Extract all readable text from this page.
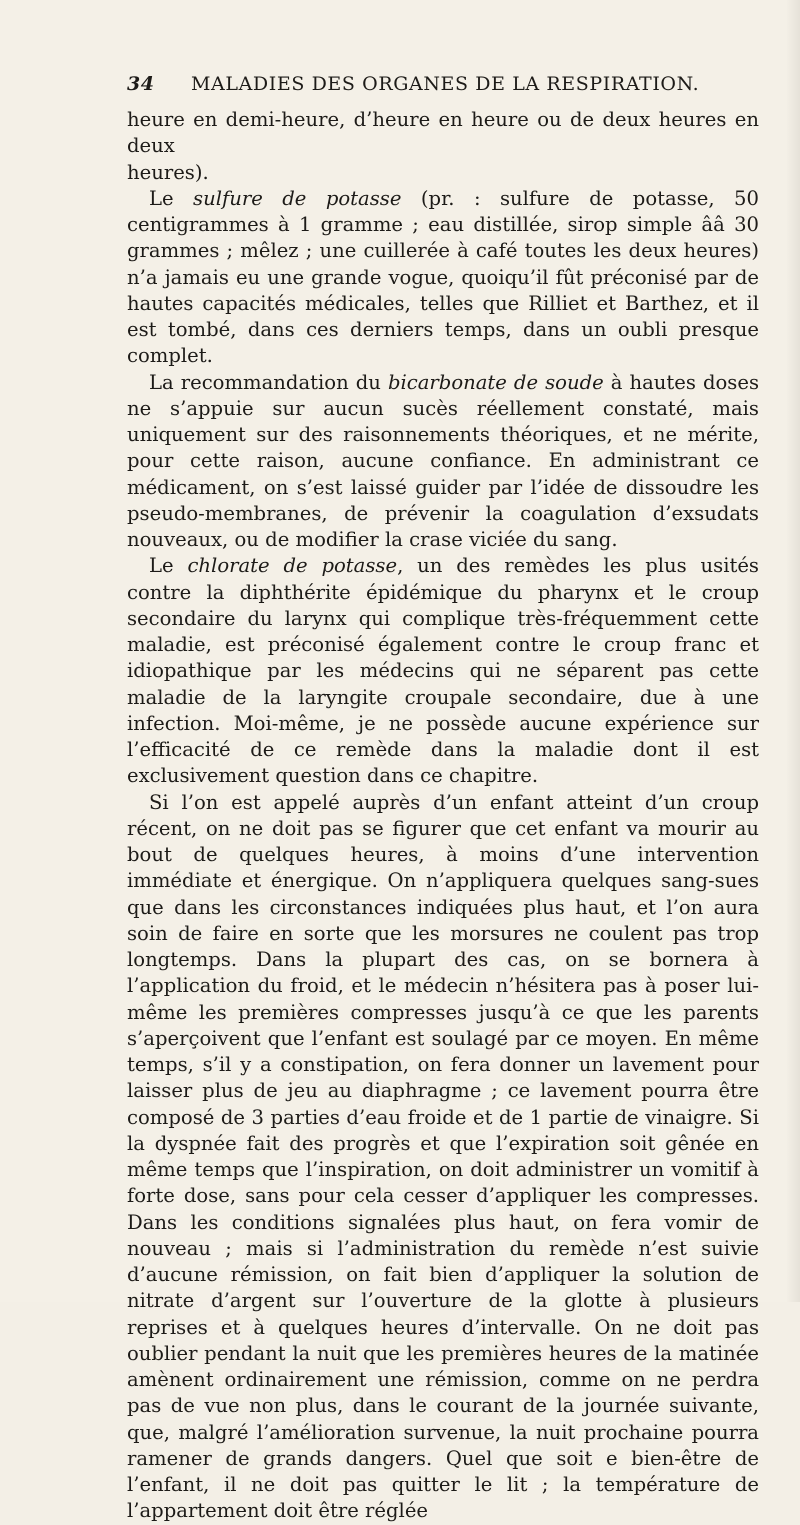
34 MALADIES DES ORGANES DE LA RESPIRATION.

heure en demi-heure, d’heure en heure ou de deux heures en deux
heures).

Le sulfure de potasse (pr. : sulfure de potasse, 50 centigrammes à 1 gramme ; eau distillée, sirop simple ââ 30 grammes ; mêlez ; une cuillerée à café toutes les deux heures) n’a jamais eu une grande vogue, quoiqu’il fût préconisé par de hautes capacités médicales, telles que Rilliet et Barthez, et il est tombé, dans ces derniers temps, dans un oubli presque complet.

La recommandation du bicarbonate de soude à hautes doses ne s’appuie sur aucun sucès réellement constaté, mais uniquement sur des raisonnements théoriques, et ne mérite, pour cette raison, aucune confiance. En administrant ce médicament, on s’est laissé guider par l’idée de dissoudre les pseudo-membranes, de prévenir la coagulation d’exsudats nouveaux, ou de modifier la crase viciée du sang.

Le chlorate de potasse, un des remèdes les plus usités contre la diphthérite épidémique du pharynx et le croup secondaire du larynx qui complique très-fréquemment cette maladie, est préconisé également contre le croup franc et idiopathique par les médecins qui ne séparent pas cette maladie de la laryngite croupale secondaire, due à une infection. Moi-même, je ne possède aucune expérience sur l’efficacité de ce remède dans la maladie dont il est exclusivement question dans ce chapitre.

Si l’on est appelé auprès d’un enfant atteint d’un croup récent, on ne doit pas se figurer que cet enfant va mourir au bout de quelques heures, à moins d’une intervention immédiate et énergique. On n’appliquera quelques sang-sues que dans les circonstances indiquées plus haut, et l’on aura soin de faire en sorte que les morsures ne coulent pas trop longtemps. Dans la plupart des cas, on se bornera à l’application du froid, et le médecin n’hésitera pas à poser lui-même les premières compresses jusqu’à ce que les parents s’aperçoivent que l’enfant est soulagé par ce moyen. En même temps, s’il y a constipation, on fera donner un lavement pour laisser plus de jeu au diaphragme ; ce lavement pourra être composé de 3 parties d’eau froide et de 1 partie de vinaigre. Si la dyspnée fait des progrès et que l’expiration soit gênée en même temps que l’inspiration, on doit administrer un vomitif à forte dose, sans pour cela cesser d’appliquer les compresses. Dans les conditions signalées plus haut, on fera vomir de nouveau ; mais si l’administration du remède n’est suivie d’aucune rémission, on fait bien d’appliquer la solution de nitrate d’argent sur l’ouverture de la glotte à plusieurs reprises et à quelques heures d’intervalle. On ne doit pas oublier pendant la nuit que les premières heures de la matinée amènent ordinairement une rémission, comme on ne perdra pas de vue non plus, dans le courant de la journée suivante, que, malgré l’amélioration survenue, la nuit prochaine pourra ramener de grands dangers. Quel que soit e bien-être de l’enfant, il ne doit pas quitter le lit ; la température de l’appartement doit être réglée
